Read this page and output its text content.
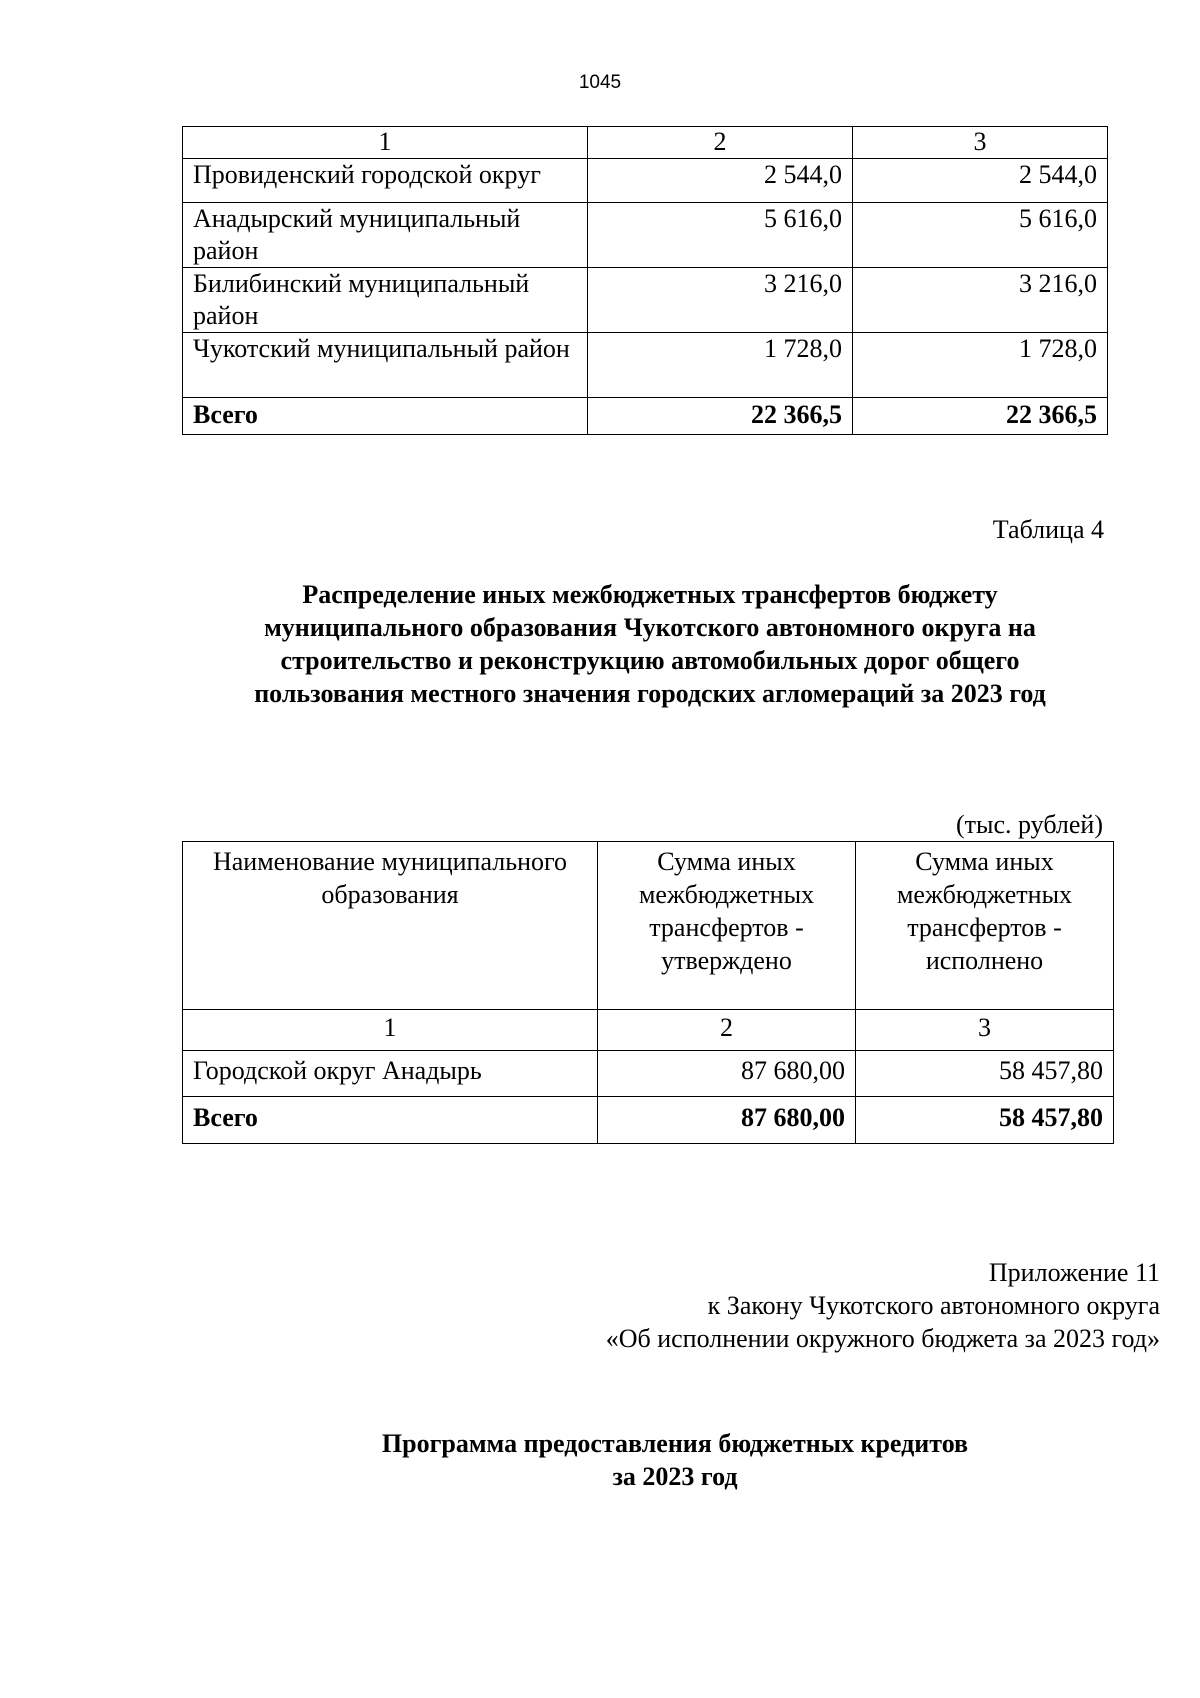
1045
1	2	3
Провиденский городской округ	2 544,0	2 544,0
Анадырский муниципальный район	5 616,0	5 616,0
Билибинский муниципальный район	3 216,0	3 216,0
Чукотский муниципальный район	1 728,0	1 728,0
Всего	22 366,5	22 366,5
Таблица 4
Распределение иных межбюджетных трансфертов бюджету
муниципального образования Чукотского автономного округа на
строительство и реконструкцию автомобильных дорог общего
пользования местного значения городских агломераций за 2023 год
(тыс. рублей)
Наименование муниципального образования	Сумма иных межбюджетных трансфертов - утверждено	Сумма иных межбюджетных трансфертов - исполнено
1	2	3
Городской округ Анадырь	87 680,00	58 457,80
Всего	87 680,00	58 457,80
Приложение 11
к Закону Чукотского автономного округа
«Об исполнении окружного бюджета за 2023 год»
Программа предоставления бюджетных кредитов
за 2023 год
